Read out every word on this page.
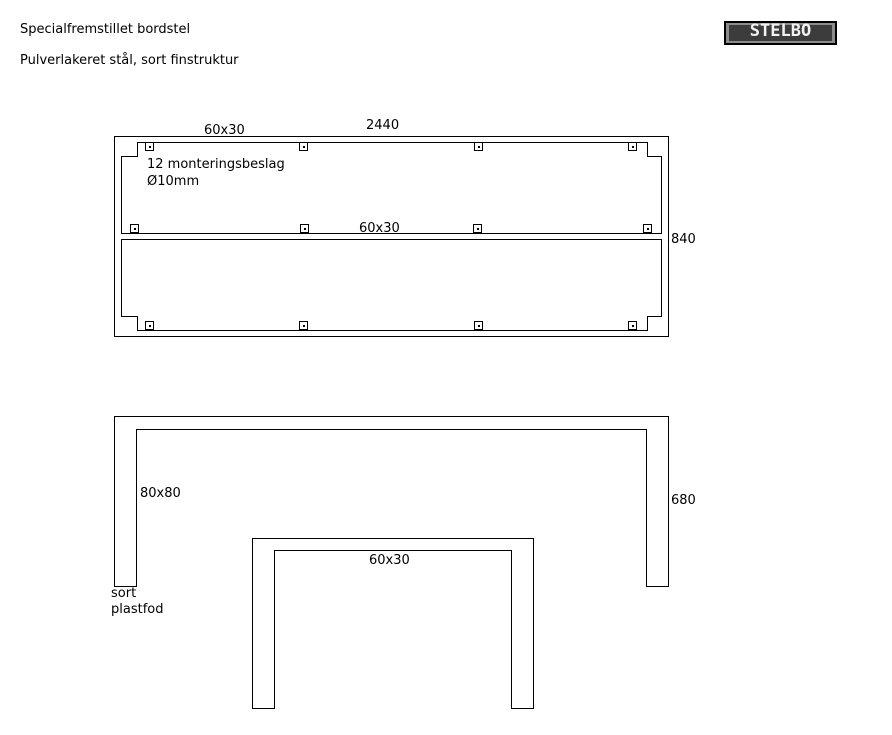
Specialfremstillet bordstel
Pulverlakeret stål, sort finstruktur
STELBO
60x30	2440
12 monteringsbeslag
Ø10mm
60x30
840
80x80	680
sort
plastfod
60x30
